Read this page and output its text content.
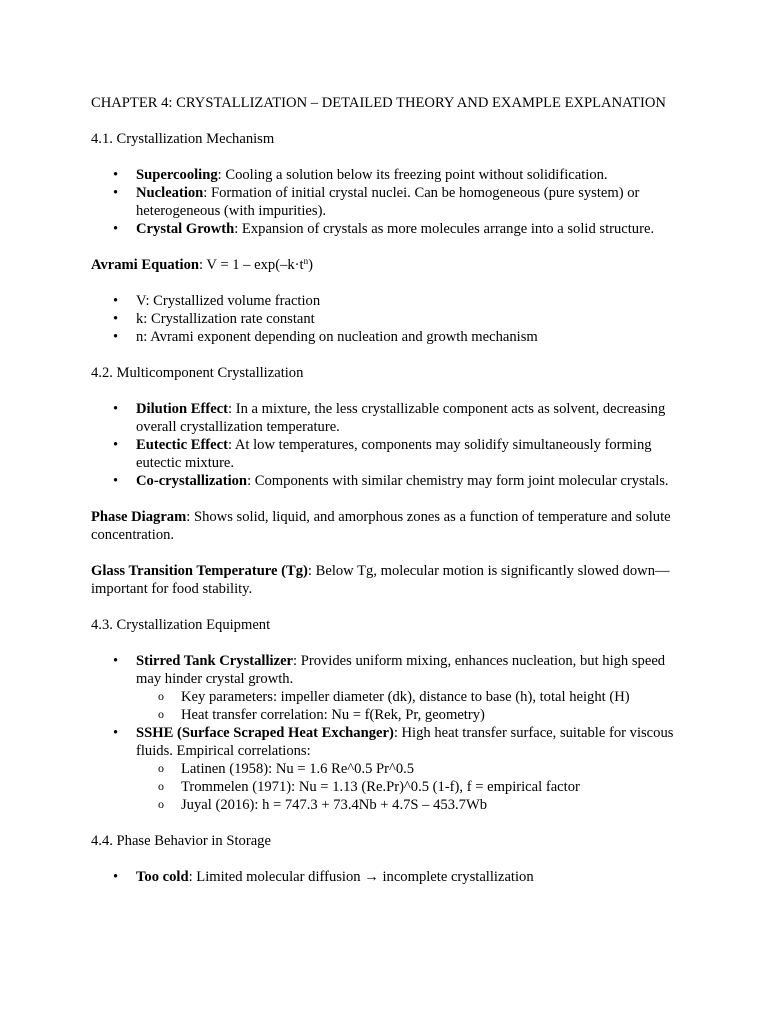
CHAPTER 4: CRYSTALLIZATION – DETAILED THEORY AND EXAMPLE EXPLANATION

4.1. Crystallization Mechanism

• Supercooling: Cooling a solution below its freezing point without solidification.
• Nucleation: Formation of initial crystal nuclei. Can be homogeneous (pure system) or heterogeneous (with impurities).
• Crystal Growth: Expansion of crystals as more molecules arrange into a solid structure.

Avrami Equation: $V = 1 - \exp(-k\cdot t^n)$

• V: Crystallized volume fraction
• k: Crystallization rate constant
• n: Avrami exponent depending on nucleation and growth mechanism

4.2. Multicomponent Crystallization

• Dilution Effect: In a mixture, the less crystallizable component acts as solvent, decreasing overall crystallization temperature.
• Eutectic Effect: At low temperatures, components may solidify simultaneously forming eutectic mixture.
• Co-crystallization: Components with similar chemistry may form joint molecular crystals.

Phase Diagram: Shows solid, liquid, and amorphous zones as a function of temperature and solute concentration.

Glass Transition Temperature (Tg): Below Tg, molecular motion is significantly slowed down—important for food stability.

4.3. Crystallization Equipment

• Stirred Tank Crystallizer: Provides uniform mixing, enhances nucleation, but high speed may hinder crystal growth.
o Key parameters: impeller diameter (dk), distance to base (h), total height (H)
o Heat transfer correlation: Nu = f(Rek, Pr, geometry)
• SSHE (Surface Scraped Heat Exchanger): High heat transfer surface, suitable for viscous fluids. Empirical correlations:
o Latinen (1958): Nu = 1.6 Re^0.5 Pr^0.5
o Trommelen (1971): Nu = 1.13 (Re.Pr)^0.5 (1-f), f = empirical factor
o Juyal (2016): h = 747.3 + 73.4Nb + 4.7S – 453.7Wb

4.4. Phase Behavior in Storage

• Too cold: Limited molecular diffusion → incomplete crystallization
